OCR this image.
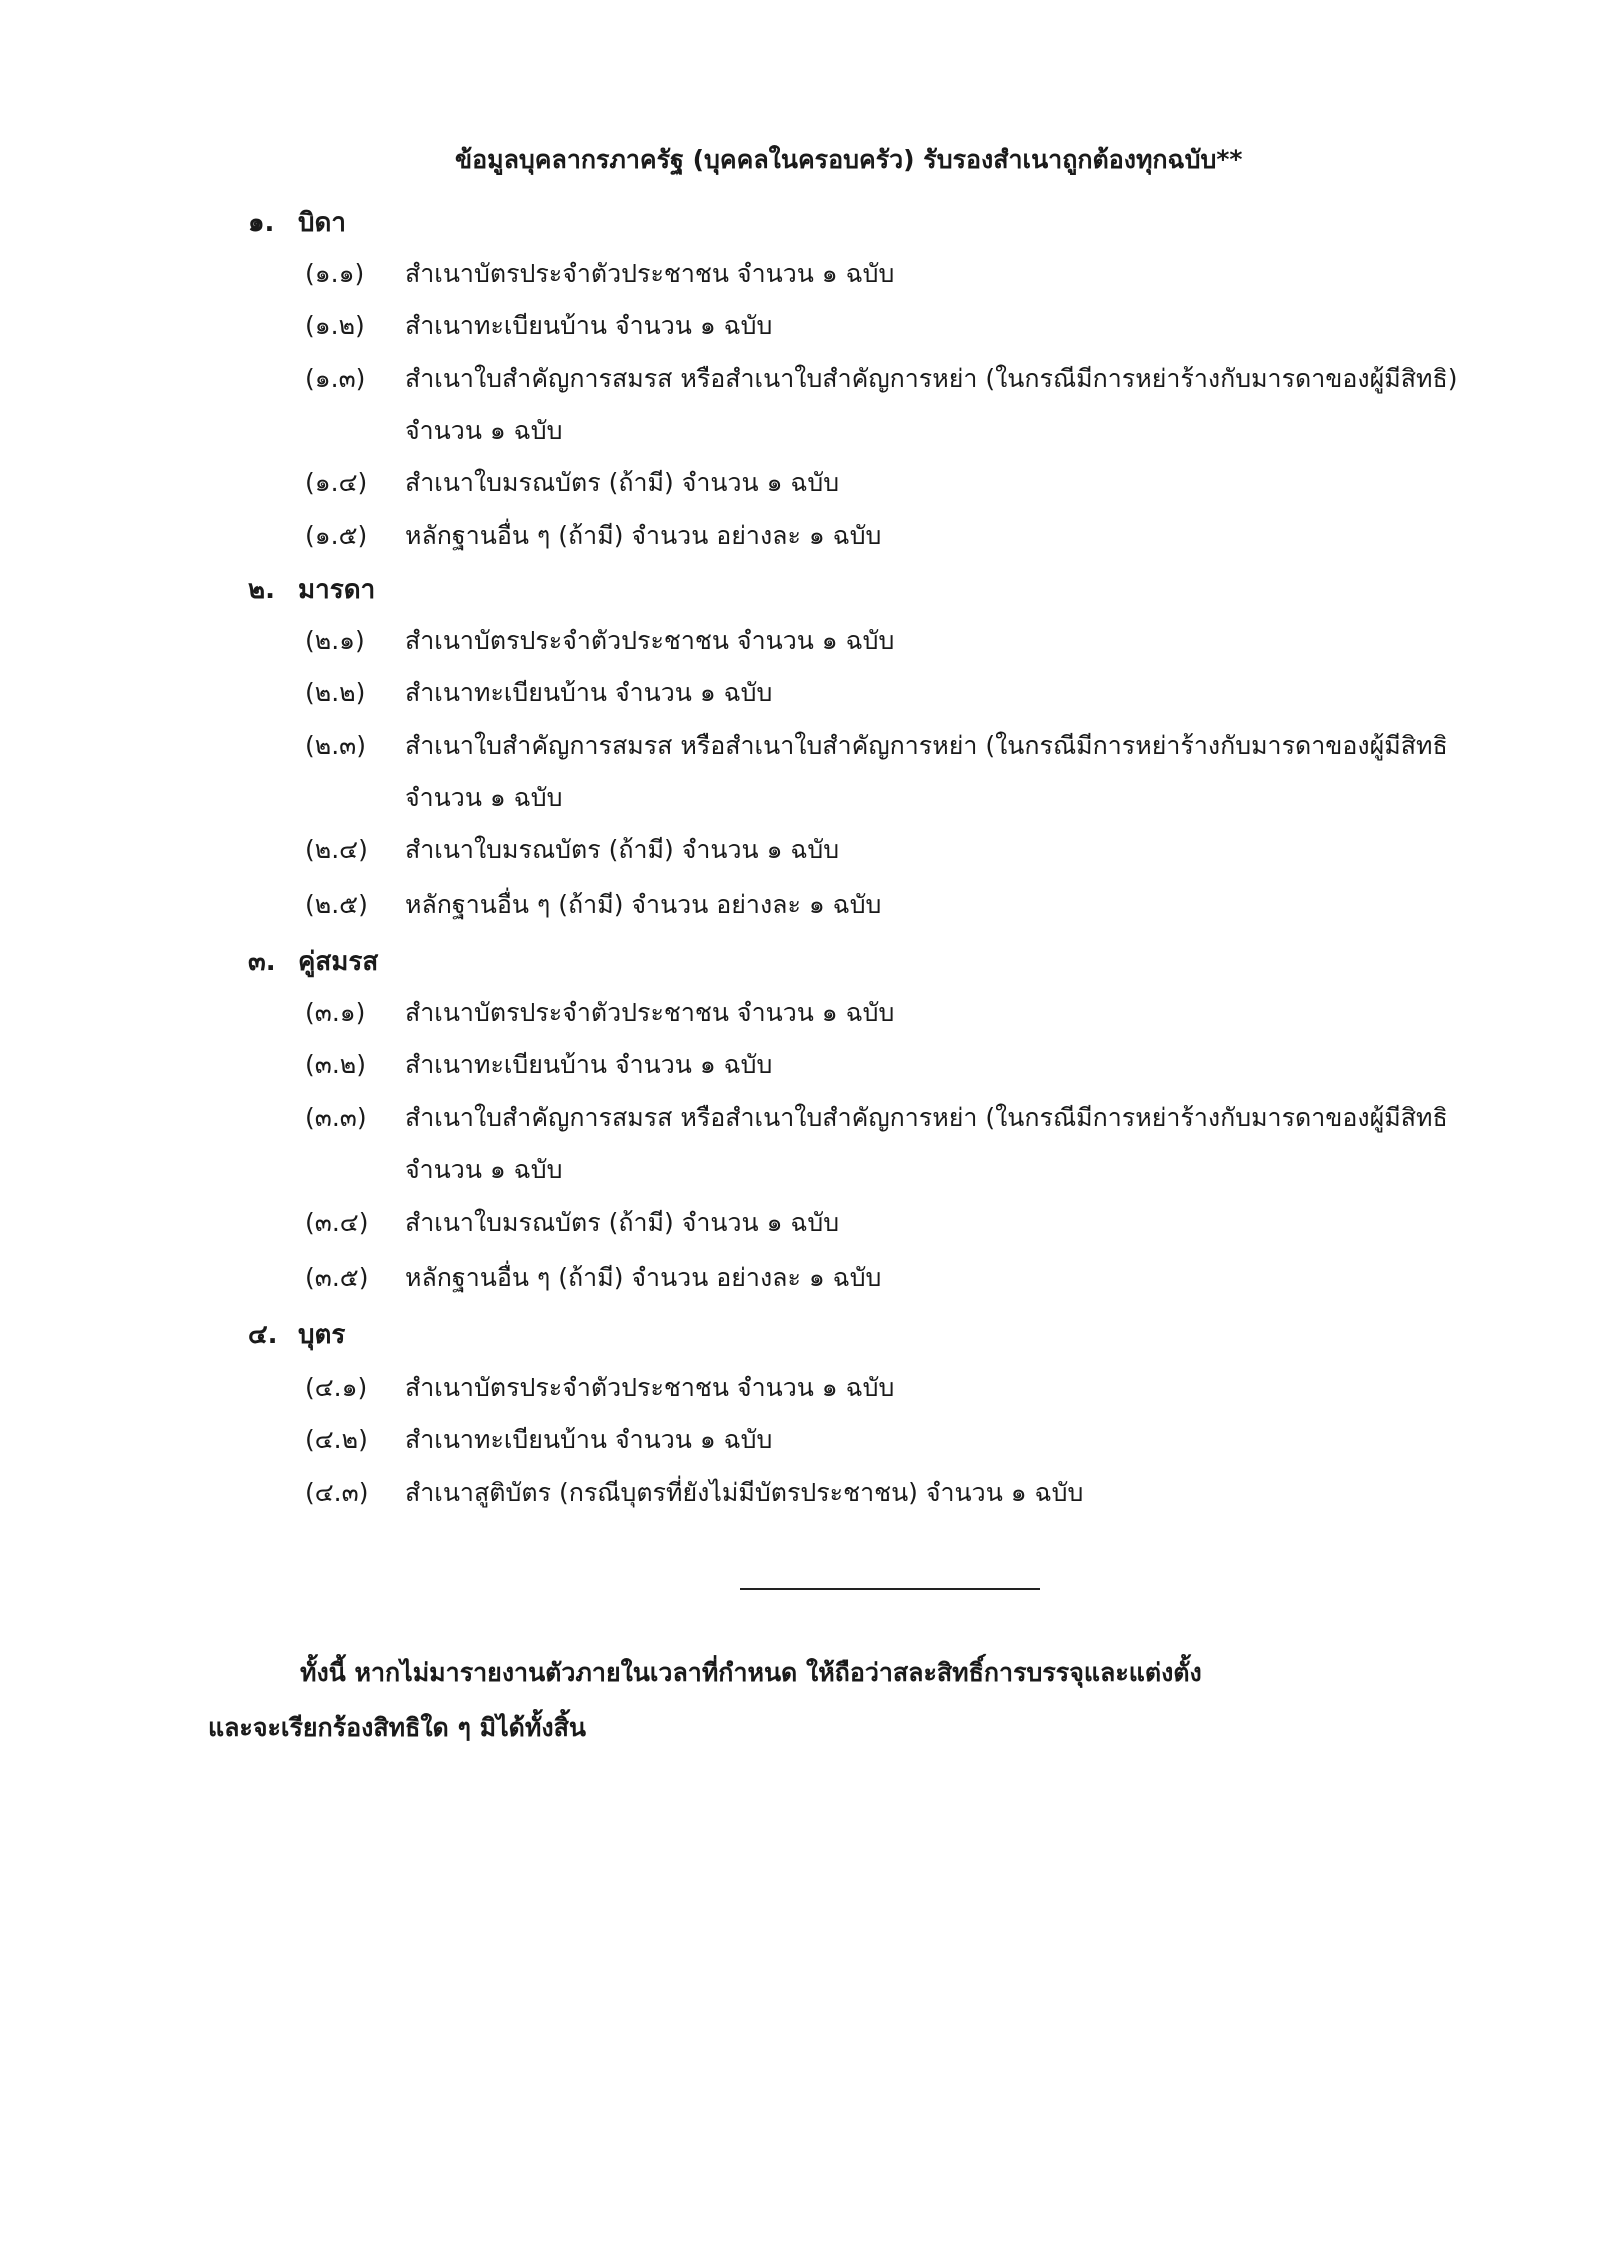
ข้อมูลบุคลากรภาครัฐ (บุคคลในครอบครัว) รับรองสำเนาถูกต้องทุกฉบับ**
๑. บิดา
(๑.๑) สำเนาบัตรประจำตัวประชาชน จำนวน ๑ ฉบับ
(๑.๒) สำเนาทะเบียนบ้าน จำนวน ๑ ฉบับ
(๑.๓) สำเนาใบสำคัญการสมรส หรือสำเนาใบสำคัญการหย่า (ในกรณีมีการหย่าร้างกับมารดาของผู้มีสิทธิ)
จำนวน ๑ ฉบับ
(๑.๔) สำเนาใบมรณบัตร (ถ้ามี) จำนวน ๑ ฉบับ
(๑.๕) หลักฐานอื่น ๆ (ถ้ามี) จำนวน อย่างละ ๑ ฉบับ
๒. มารดา
(๒.๑) สำเนาบัตรประจำตัวประชาชน จำนวน ๑ ฉบับ
(๒.๒) สำเนาทะเบียนบ้าน จำนวน ๑ ฉบับ
(๒.๓) สำเนาใบสำคัญการสมรส หรือสำเนาใบสำคัญการหย่า (ในกรณีมีการหย่าร้างกับมารดาของผู้มีสิทธิ
จำนวน ๑ ฉบับ
(๒.๔) สำเนาใบมรณบัตร (ถ้ามี) จำนวน ๑ ฉบับ
(๒.๕) หลักฐานอื่น ๆ (ถ้ามี) จำนวน อย่างละ ๑ ฉบับ
๓. คู่สมรส
(๓.๑) สำเนาบัตรประจำตัวประชาชน จำนวน ๑ ฉบับ
(๓.๒) สำเนาทะเบียนบ้าน จำนวน ๑ ฉบับ
(๓.๓) สำเนาใบสำคัญการสมรส หรือสำเนาใบสำคัญการหย่า (ในกรณีมีการหย่าร้างกับมารดาของผู้มีสิทธิ
จำนวน ๑ ฉบับ
(๓.๔) สำเนาใบมรณบัตร (ถ้ามี) จำนวน ๑ ฉบับ
(๓.๕) หลักฐานอื่น ๆ (ถ้ามี) จำนวน อย่างละ ๑ ฉบับ
๔. บุตร
(๔.๑) สำเนาบัตรประจำตัวประชาชน จำนวน ๑ ฉบับ
(๔.๒) สำเนาทะเบียนบ้าน จำนวน ๑ ฉบับ
(๔.๓) สำเนาสูติบัตร (กรณีบุตรที่ยังไม่มีบัตรประชาชน) จำนวน ๑ ฉบับ
ทั้งนี้ หากไม่มารายงานตัวภายในเวลาที่กำหนด ให้ถือว่าสละสิทธิ์การบรรจุและแต่งตั้ง
และจะเรียกร้องสิทธิใด ๆ มิได้ทั้งสิ้น
